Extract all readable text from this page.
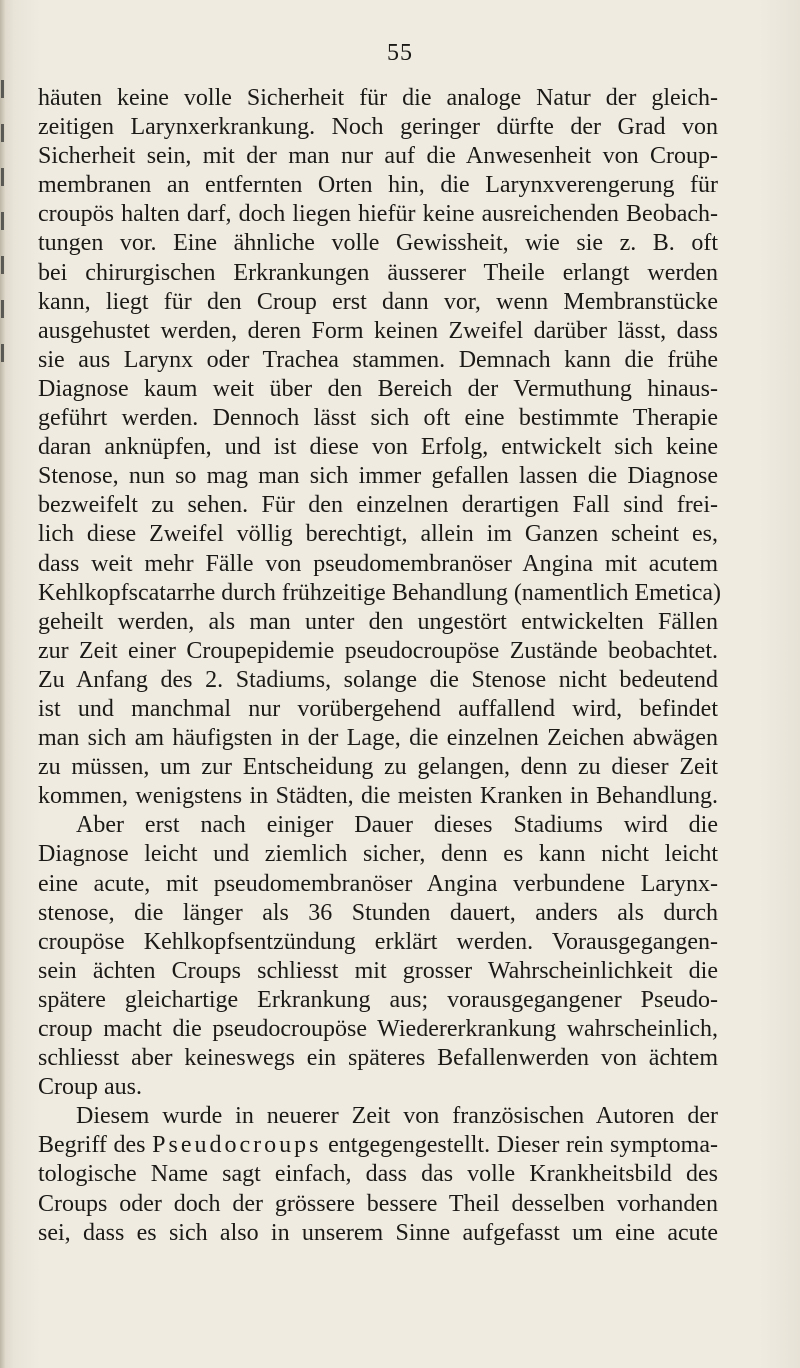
55
häuten keine volle Sicherheit für die analoge Natur der gleich-
zeitigen Larynxerkrankung. Noch geringer dürfte der Grad von
Sicherheit sein, mit der man nur auf die Anwesenheit von Croup-
membranen an entfernten Orten hin, die Larynxverengerung für
croupös halten darf, doch liegen hiefür keine ausreichenden Beobach-
tungen vor. Eine ähnliche volle Gewissheit, wie sie z. B. oft
bei chirurgischen Erkrankungen äusserer Theile erlangt werden
kann, liegt für den Croup erst dann vor, wenn Membranstücke
ausgehustet werden, deren Form keinen Zweifel darüber lässt, dass
sie aus Larynx oder Trachea stammen. Demnach kann die frühe
Diagnose kaum weit über den Bereich der Vermuthung hinaus-
geführt werden. Dennoch lässt sich oft eine bestimmte Therapie
daran anknüpfen, und ist diese von Erfolg, entwickelt sich keine
Stenose, nun so mag man sich immer gefallen lassen die Diagnose
bezweifelt zu sehen. Für den einzelnen derartigen Fall sind frei-
lich diese Zweifel völlig berechtigt, allein im Ganzen scheint es,
dass weit mehr Fälle von pseudomembranöser Angina mit acutem
Kehlkopfscatarrhe durch frühzeitige Behandlung (namentlich Emetica)
geheilt werden, als man unter den ungestört entwickelten Fällen
zur Zeit einer Croupepidemie pseudocroupöse Zustände beobachtet.
Zu Anfang des 2. Stadiums, solange die Stenose nicht bedeutend
ist und manchmal nur vorübergehend auffallend wird, befindet
man sich am häufigsten in der Lage, die einzelnen Zeichen abwägen
zu müssen, um zur Entscheidung zu gelangen, denn zu dieser Zeit
kommen, wenigstens in Städten, die meisten Kranken in Behandlung.
Aber erst nach einiger Dauer dieses Stadiums wird die
Diagnose leicht und ziemlich sicher, denn es kann nicht leicht
eine acute, mit pseudomembranöser Angina verbundene Larynx-
stenose, die länger als 36 Stunden dauert, anders als durch
croupöse Kehlkopfsentzündung erklärt werden. Vorausgegangen-
sein ächten Croups schliesst mit grosser Wahrscheinlichkeit die
spätere gleichartige Erkrankung aus; vorausgegangener Pseudo-
croup macht die pseudocroupöse Wiedererkrankung wahrscheinlich,
schliesst aber keineswegs ein späteres Befallenwerden von ächtem
Croup aus.
Diesem wurde in neuerer Zeit von französischen Autoren der
Begriff des Pseudocroups entgegengestellt. Dieser rein symptoma-
tologische Name sagt einfach, dass das volle Krankheitsbild des
Croups oder doch der grössere bessere Theil desselben vorhanden
sei, dass es sich also in unserem Sinne aufgefasst um eine acute
